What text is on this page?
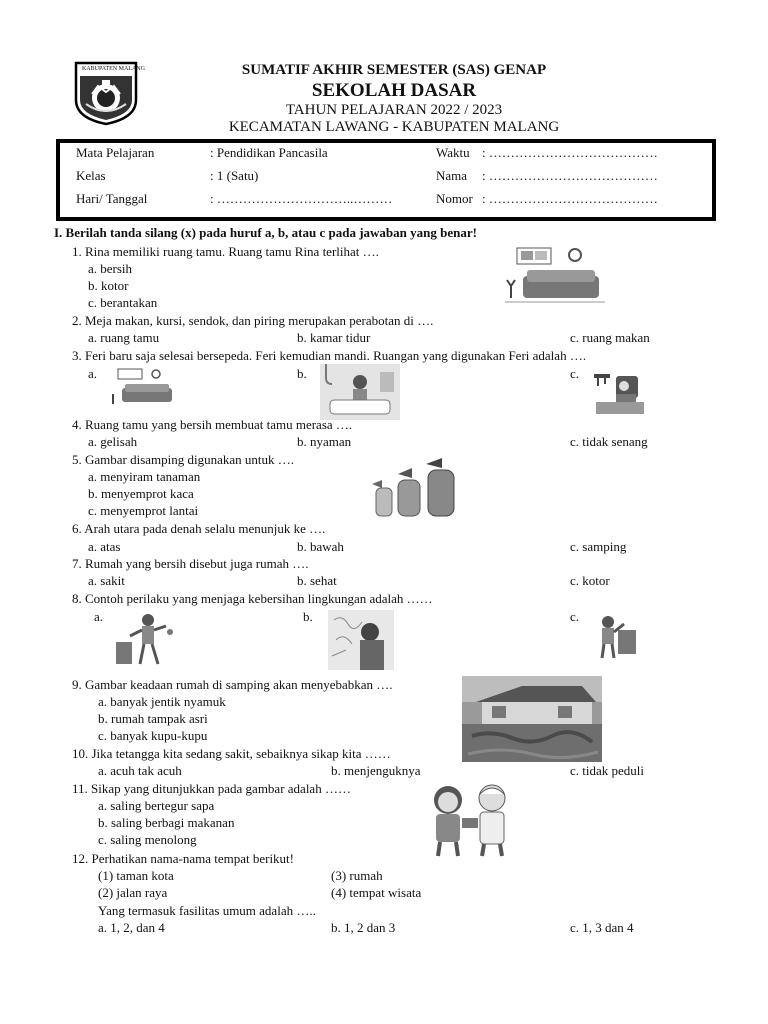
KABUPATEN MALANG	SUMATIF AKHIR SEMESTER (SAS) GENAP
SEKOLAH DASAR
TAHUN PELAJARAN 2022 / 2023
KECAMATAN LAWANG - KABUPATEN MALANG
Mata Pelajaran	: Pendidikan Pancasila
Kelas	: 1 (Satu)
Hari/ Tanggal	: …………………………..………
Waktu : …………………………………
Nama : …………………………………
Nomor : …………………………………
I. Berilah tanda silang (x) pada huruf a, b, atau c pada jawaban yang benar!
1. Rina memiliki ruang tamu. Ruang tamu Rina terlihat ….
a. bersih
b. kotor
c. berantakan
2. Meja makan, kursi, sendok, dan piring merupakan perabotan di ….
a. ruang tamu	b. kamar tidur	c. ruang makan
3. Feri baru saja selesai bersepeda. Feri kemudian mandi. Ruangan yang digunakan Feri adalah ….
a.	b.	c.
4. Ruang tamu yang bersih membuat tamu merasa ….
a. gelisah	b. nyaman	c. tidak senang
5. Gambar disamping digunakan untuk ….
a. menyiram tanaman
b. menyemprot kaca
c. menyemprot lantai
6. Arah utara pada denah selalu menunjuk ke ….
a. atas	b. bawah	c. samping
7. Rumah yang bersih disebut juga rumah ….
a. sakit	b. sehat	c. kotor
8. Contoh perilaku yang menjaga kebersihan lingkungan adalah ……
a.	b.	c.
9. Gambar keadaan rumah di samping akan menyebabkan ….
a. banyak jentik nyamuk
b. rumah tampak asri
c. banyak kupu-kupu
10. Jika tetangga kita sedang sakit, sebaiknya sikap kita ……
a. acuh tak acuh	b. menjenguknya	c. tidak peduli
11. Sikap yang ditunjukkan pada gambar adalah ……
a. saling bertegur sapa
b. saling berbagi makanan
c. saling menolong
12. Perhatikan nama-nama tempat berikut!
(1) taman kota	(3) rumah
(2) jalan raya	(4) tempat wisata
Yang termasuk fasilitas umum adalah …..
a. 1, 2, dan 4	b. 1, 2 dan 3	c. 1, 3 dan 4
